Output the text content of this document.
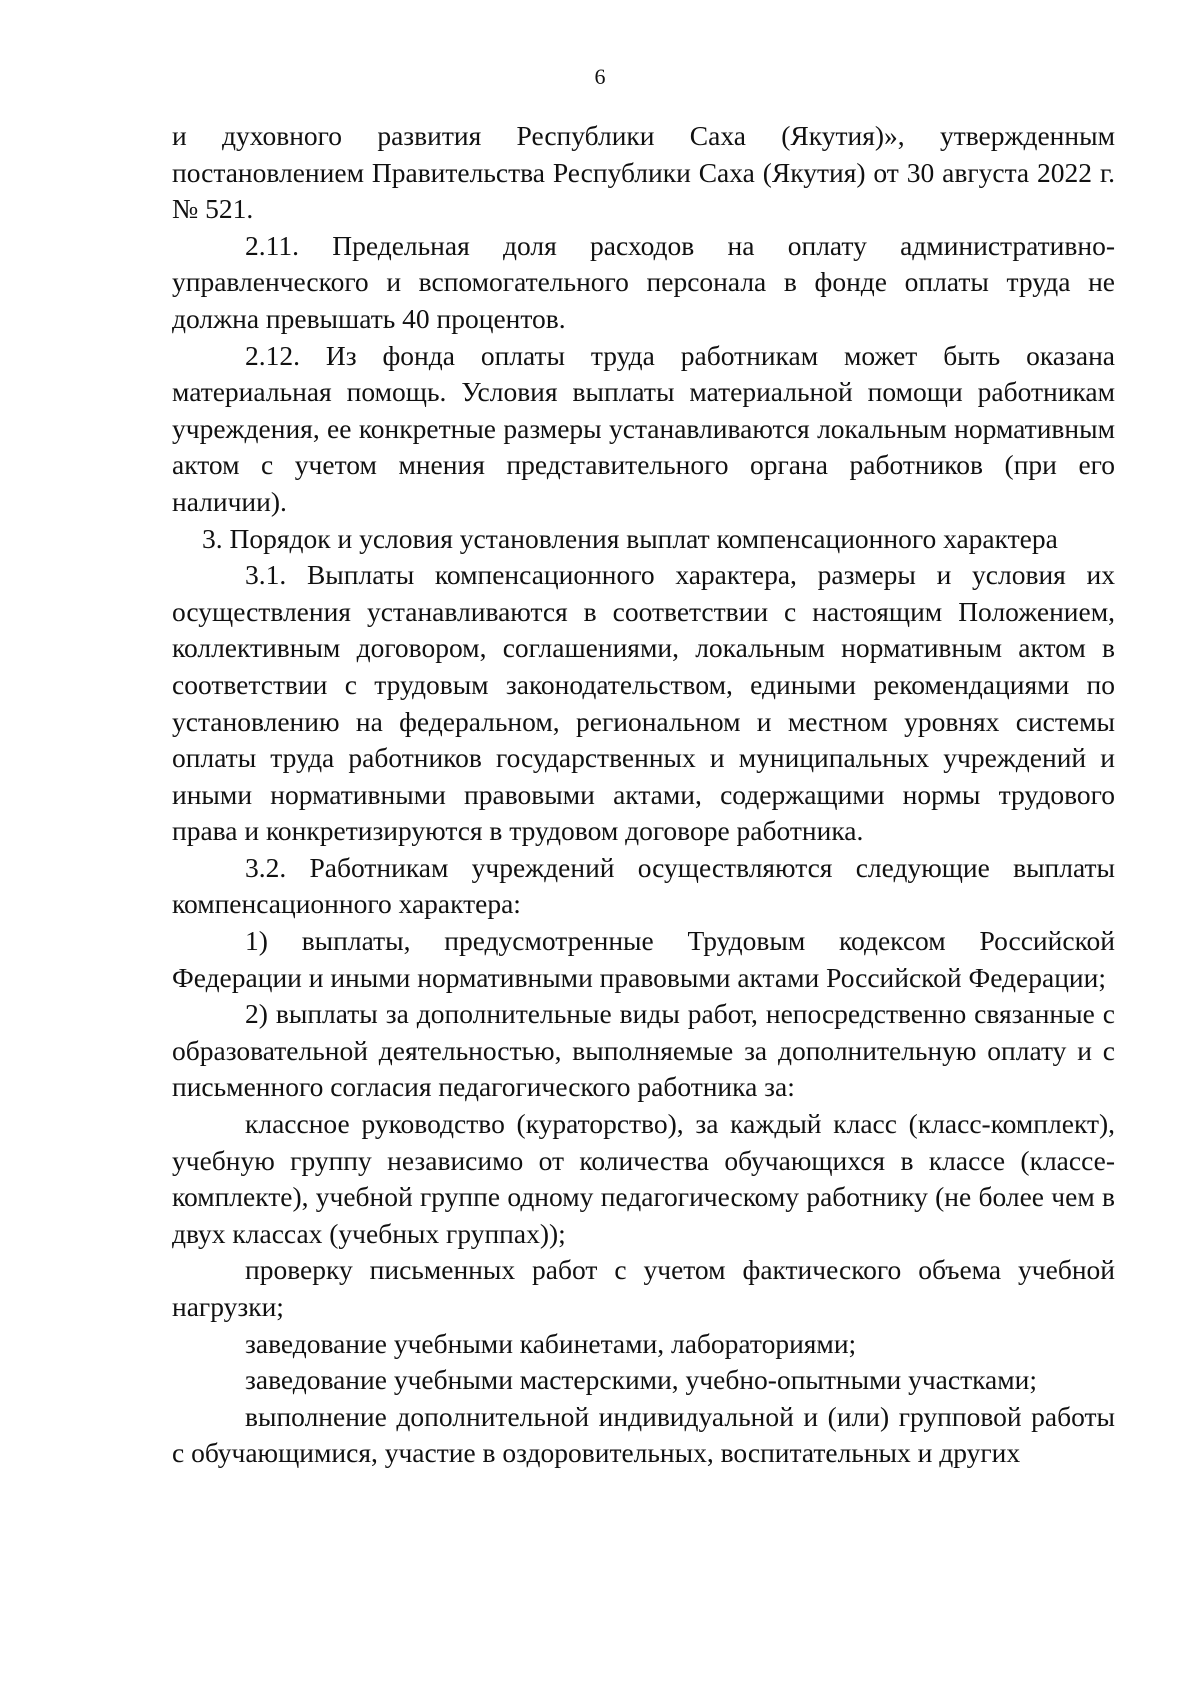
6

и духовного развития Республики Саха (Якутия)», утвержденным постановлением Правительства Республики Саха (Якутия) от 30 августа 2022 г. № 521.

2.11. Предельная доля расходов на оплату административно-управленческого и вспомогательного персонала в фонде оплаты труда не должна превышать 40 процентов.

2.12. Из фонда оплаты труда работникам может быть оказана материальная помощь. Условия выплаты материальной помощи работникам учреждения, ее конкретные размеры устанавливаются локальным нормативным актом с учетом мнения представительного органа работников (при его наличии).

3. Порядок и условия установления выплат компенсационного характера

3.1. Выплаты компенсационного характера, размеры и условия их осуществления устанавливаются в соответствии с настоящим Положением, коллективным договором, соглашениями, локальным нормативным актом в соответствии с трудовым законодательством, едиными рекомендациями по установлению на федеральном, региональном и местном уровнях системы оплаты труда работников государственных и муниципальных учреждений и иными нормативными правовыми актами, содержащими нормы трудового права и конкретизируются в трудовом договоре работника.

3.2. Работникам учреждений осуществляются следующие выплаты компенсационного характера:

1) выплаты, предусмотренные Трудовым кодексом Российской Федерации и иными нормативными правовыми актами Российской Федерации;

2) выплаты за дополнительные виды работ, непосредственно связанные с образовательной деятельностью, выполняемые за дополнительную оплату и с письменного согласия педагогического работника за:

классное руководство (кураторство), за каждый класс (класс-комплект), учебную группу независимо от количества обучающихся в классе (классе-комплекте), учебной группе одному педагогическому работнику (не более чем в двух классах (учебных группах));

проверку письменных работ с учетом фактического объема учебной нагрузки;

заведование учебными кабинетами, лабораториями;

заведование учебными мастерскими, учебно-опытными участками;

выполнение дополнительной индивидуальной и (или) групповой работы с обучающимися, участие в оздоровительных, воспитательных и других
